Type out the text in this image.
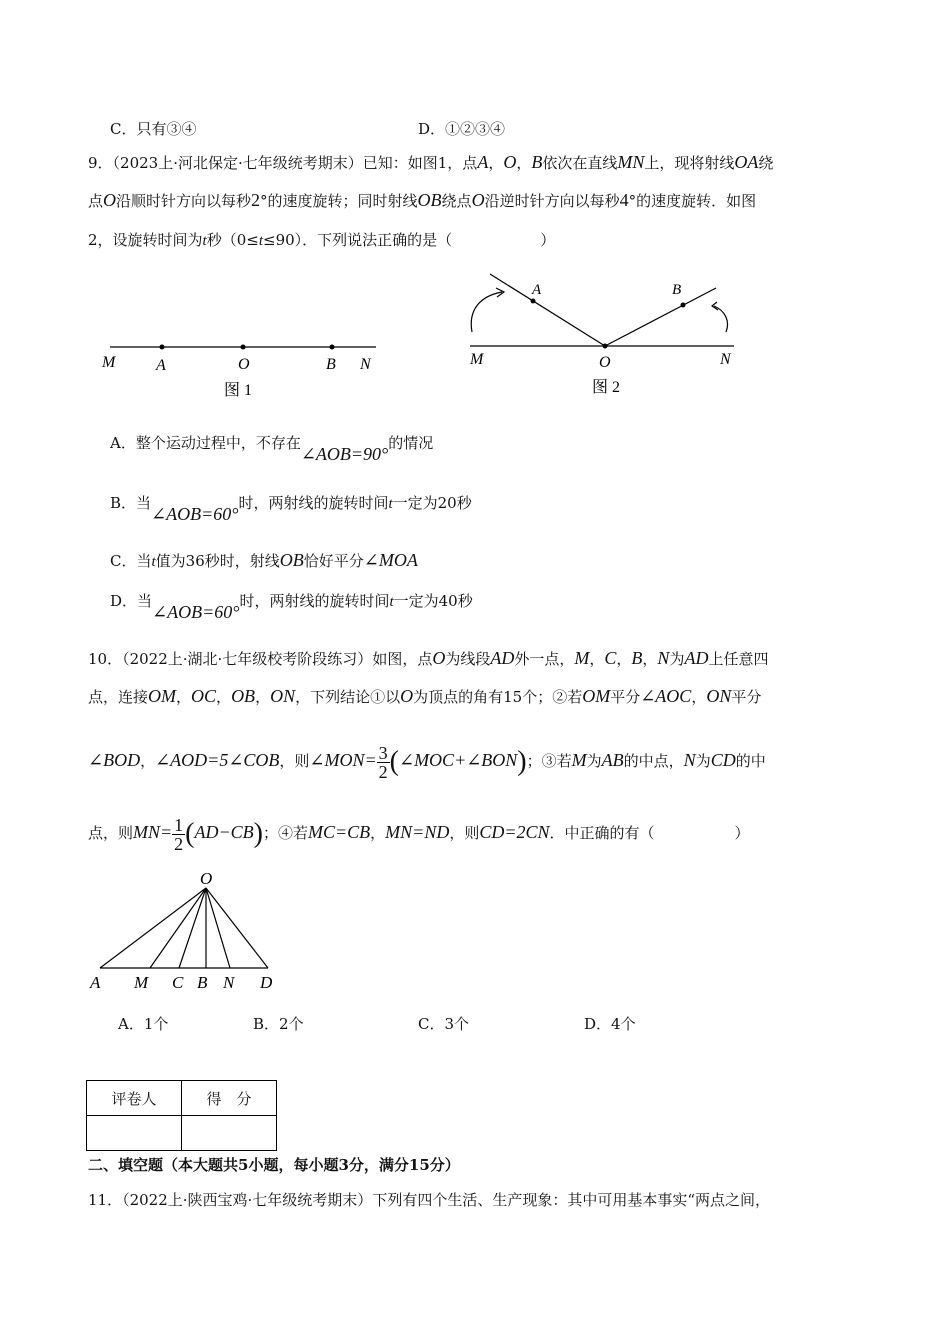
C．只有③④	D．①②③④
9．（2023上·河北保定·七年级统考期末）已知：如图1，点A，O，B依次在直线MN上，现将射线OA绕
点O沿顺时针方向以每秒2°的速度旋转；同时射线OB绕点O沿逆时针方向以每秒4°的速度旋转．如图
2，设旋转时间为t秒（0≤t≤90）．下列说法正确的是（	）
M	A	O	B N
图 1
A	B
M	O	N
图 2
A．整个运动过程中，不存在∠AOB=90°的情况
B．当∠AOB=60°时，两射线的旋转时间t一定为20秒
C．当t值为36秒时，射线OB恰好平分∠MOA
D．当∠AOB=60°时，两射线的旋转时间t一定为40秒
10．（2022上·湖北·七年级校考阶段练习）如图，点O为线段AD外一点，M，C，B，N为AD上任意四
点，连接OM，OC，OB，ON，下列结论①以O为顶点的角有15个；②若OM平分∠AOC，ON平分
∠BOD，∠AOD=5∠COB，则∠MON= $\frac{3}{2}$ (∠MOC+∠BON)；③若M为AB的中点，N为CD的中
点，则$MN= \frac{1}{2} (AD-CB)$；④若MC=CB，MN=ND，则CD=2CN．中正确的有（	）
O
A M C B N D
A．1个	B．2个	C．3个	D．4个
评卷人	得　分

二、填空题（本大题共5小题，每小题3分，满分15分）
11．（2022上·陕西宝鸡·七年级统考期末）下列有四个生活、生产现象：其中可用基本事实“两点之间，
